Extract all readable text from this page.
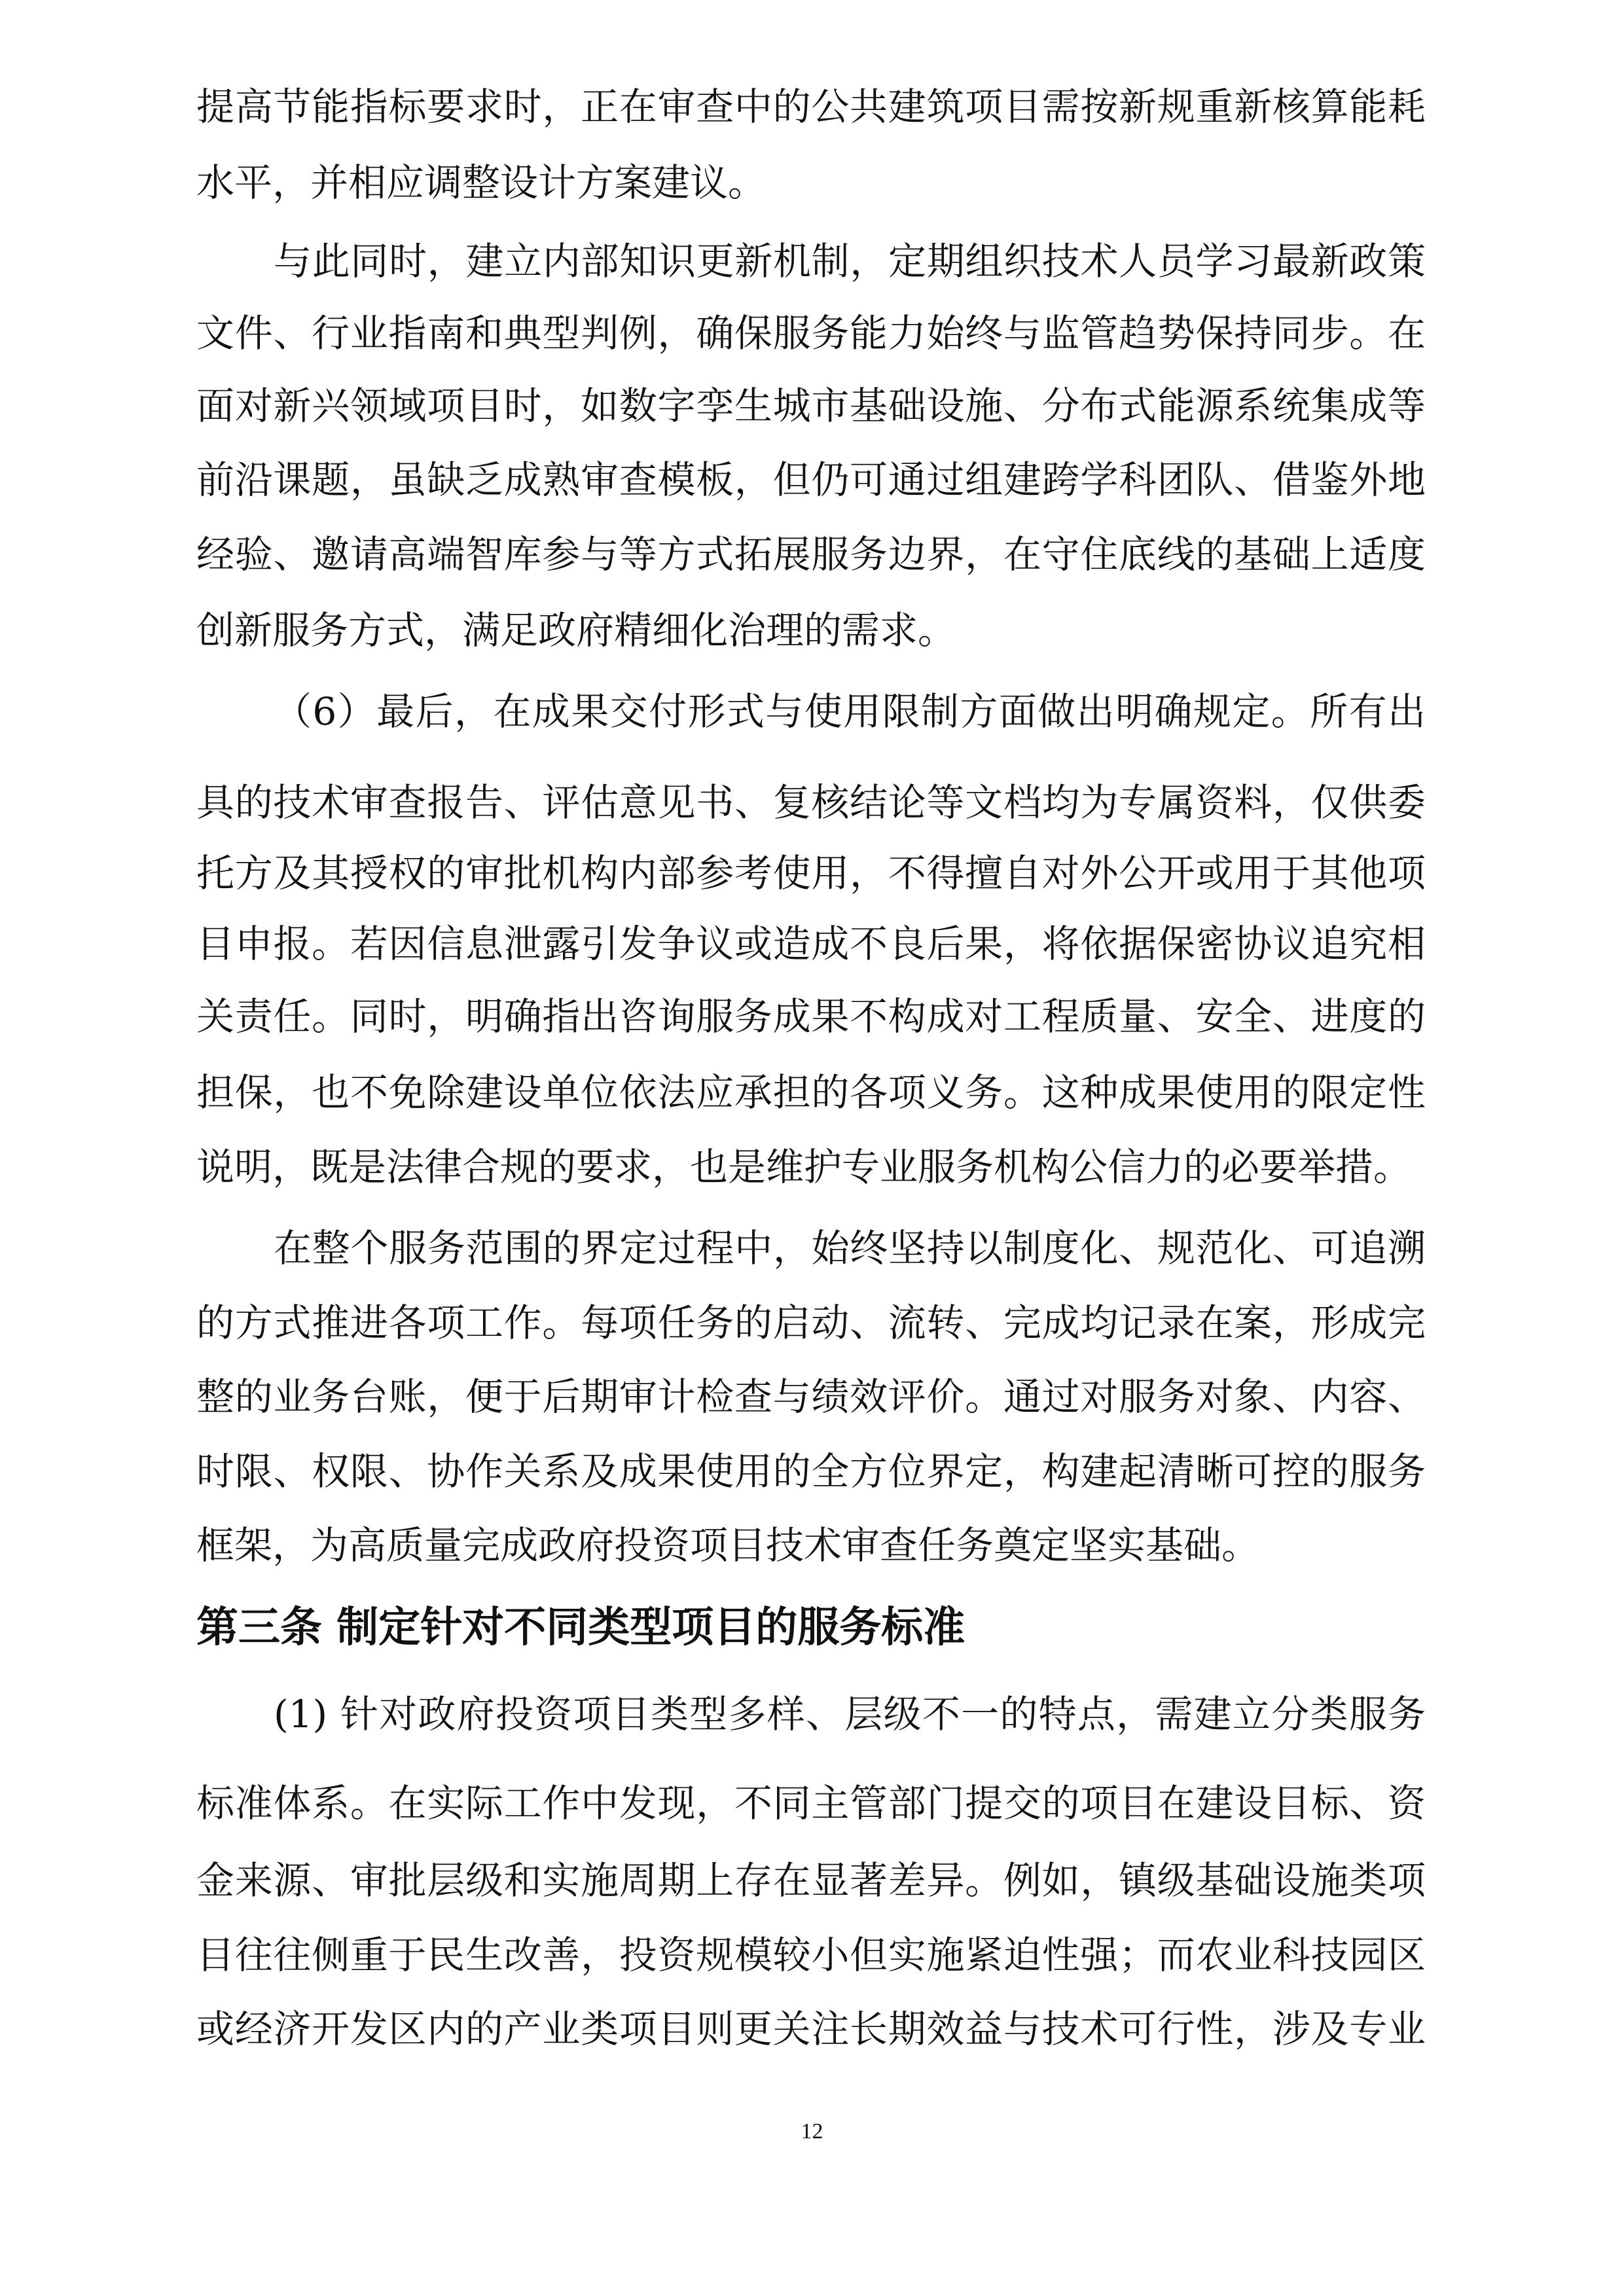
第三条 制定针对不同类型项目的服务标准
12
提高节能指标要求时，正在审查中的公共建筑项目需按新规重新核算能耗
水平，并相应调整设计方案建议。
与此同时，建立内部知识更新机制，定期组织技术人员学习最新政策
文件、行业指南和典型判例，确保服务能力始终与监管趋势保持同步。在
面对新兴领域项目时，如数字孪生城市基础设施、分布式能源系统集成等
前沿课题，虽缺乏成熟审查模板，但仍可通过组建跨学科团队、借鉴外地
经验、邀请高端智库参与等方式拓展服务边界，在守住底线的基础上适度
创新服务方式，满足政府精细化治理的需求。
（6）最后，在成果交付形式与使用限制方面做出明确规定。所有出
具的技术审查报告、评估意见书、复核结论等文档均为专属资料，仅供委
托方及其授权的审批机构内部参考使用，不得擅自对外公开或用于其他项
目申报。若因信息泄露引发争议或造成不良后果，将依据保密协议追究相
关责任。同时，明确指出咨询服务成果不构成对工程质量、安全、进度的
担保，也不免除建设单位依法应承担的各项义务。这种成果使用的限定性
说明，既是法律合规的要求，也是维护专业服务机构公信力的必要举措。
在整个服务范围的界定过程中，始终坚持以制度化、规范化、可追溯
的方式推进各项工作。每项任务的启动、流转、完成均记录在案，形成完
整的业务台账，便于后期审计检查与绩效评价。通过对服务对象、内容、
时限、权限、协作关系及成果使用的全方位界定，构建起清晰可控的服务
框架，为高质量完成政府投资项目技术审查任务奠定坚实基础。
(1) 针对政府投资项目类型多样、层级不一的特点，需建立分类服务
标准体系。在实际工作中发现，不同主管部门提交的项目在建设目标、资
金来源、审批层级和实施周期上存在显著差异。例如，镇级基础设施类项
目往往侧重于民生改善，投资规模较小但实施紧迫性强；而农业科技园区
或经济开发区内的产业类项目则更关注长期效益与技术可行性，涉及专业
